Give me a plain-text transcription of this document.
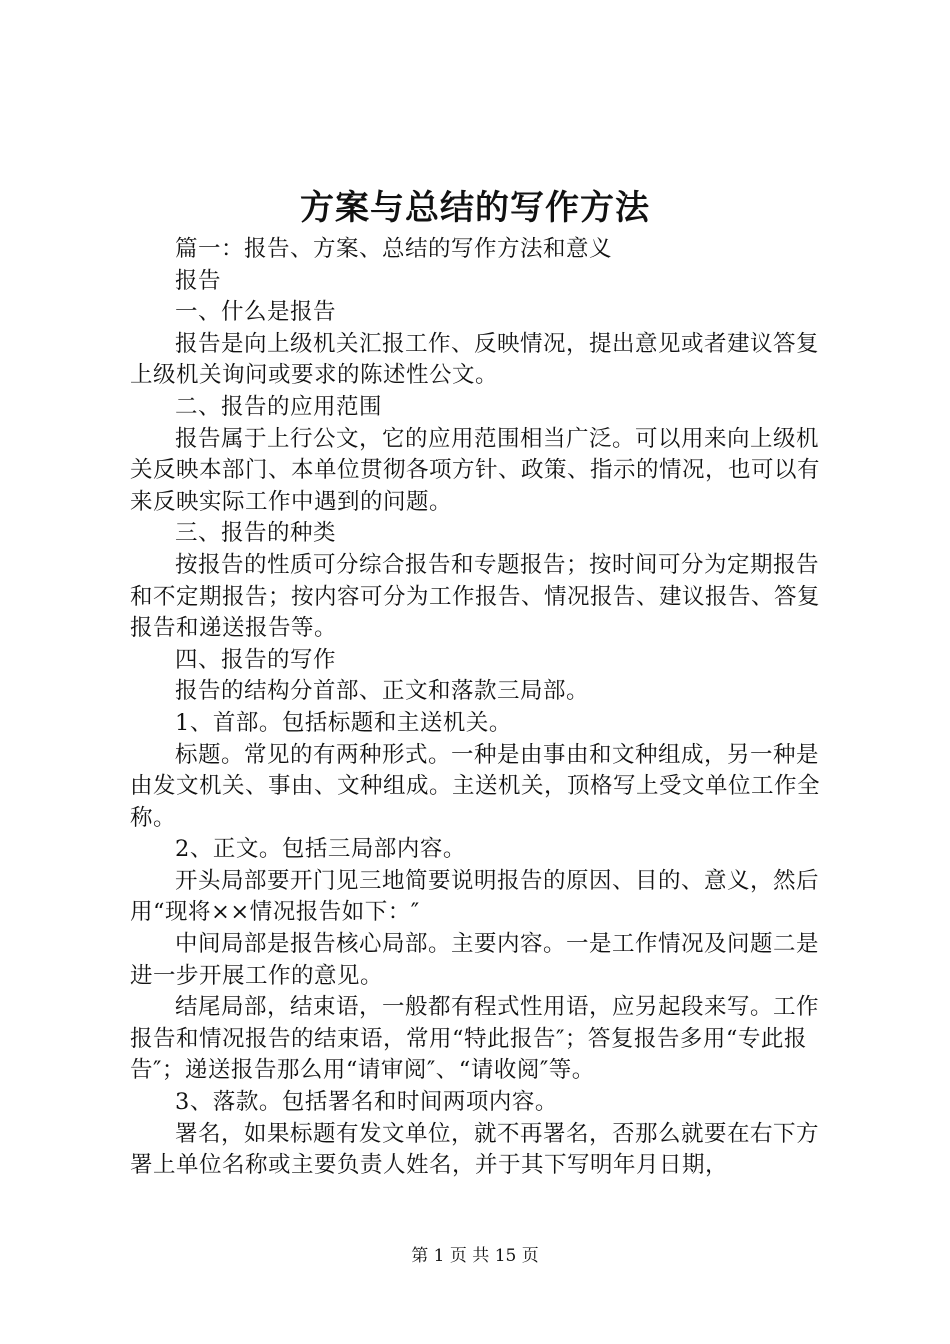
方案与总结的写作方法

篇一：报告、方案、总结的写作方法和意义

报告

一、什么是报告

报告是向上级机关汇报工作、反映情况，提出意见或者建议答复上级机关询问或要求的陈述性公文。

二、报告的应用范围

报告属于上行公文，它的应用范围相当广泛。可以用来向上级机关反映本部门、本单位贯彻各项方针、政策、指示的情况，也可以有来反映实际工作中遇到的问题。

三、报告的种类

按报告的性质可分综合报告和专题报告；按时间可分为定期报告和不定期报告；按内容可分为工作报告、情况报告、建议报告、答复报告和递送报告等。

四、报告的写作

报告的结构分首部、正文和落款三局部。

1、首部。包括标题和主送机关。

标题。常见的有两种形式。一种是由事由和文种组成，另一种是由发文机关、事由、文种组成。主送机关，顶格写上受文单位工作全称。

2、正文。包括三局部内容。

开头局部要开门见三地简要说明报告的原因、目的、意义，然后用“现将××情况报告如下：″

中间局部是报告核心局部。主要内容。一是工作情况及问题二是进一步开展工作的意见。

结尾局部，结束语，一般都有程式性用语，应另起段来写。工作报告和情况报告的结束语，常用“特此报告″；答复报告多用“专此报告″；递送报告那么用“请审阅″、“请收阅″等。

3、落款。包括署名和时间两项内容。

署名，如果标题有发文单位，就不再署名，否那么就要在右下方署上单位名称或主要负责人姓名，并于其下写明年月日期，

第 1 页 共 15 页
